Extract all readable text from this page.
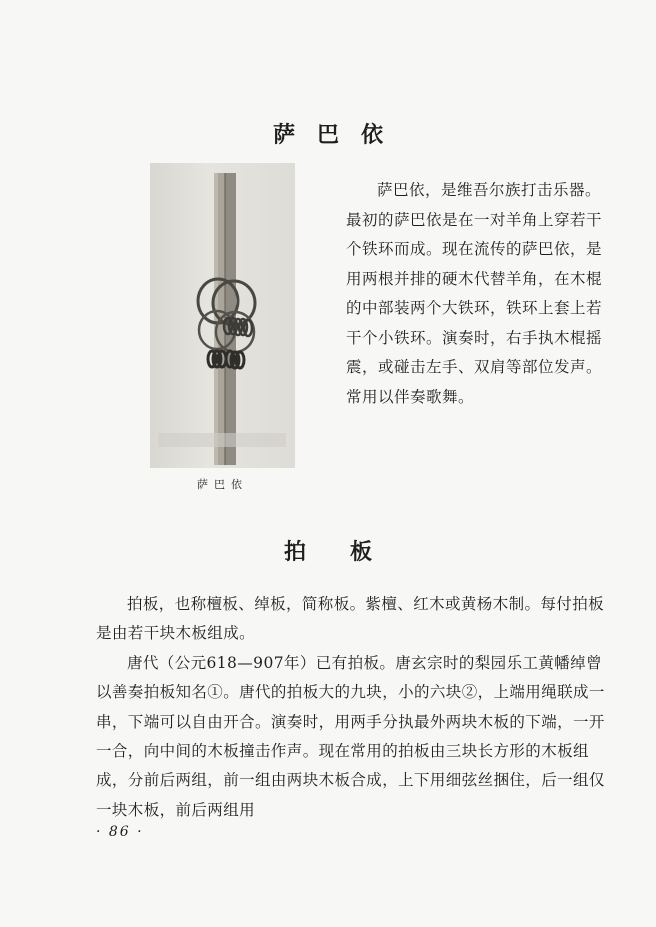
萨巴依
萨巴依

萨巴依，是维吾尔族打击乐器。最初的萨巴依是在一对羊角上穿若干个铁环而成。现在流传的萨巴依，是用两根并排的硬木代替羊角，在木棍的中部装两个大铁环，铁环上套上若干个小铁环。演奏时，右手执木棍摇震，或碰击左手、双肩等部位发声。常用以伴奏歌舞。

拍板

拍板，也称檀板、绰板，简称板。紫檀、红木或黄杨木制。每付拍板是由若干块木板组成。

唐代（公元618—907年）已有拍板。唐玄宗时的梨园乐工黄幡绰曾以善奏拍板知名①。唐代的拍板大的九块，小的六块②，上端用绳联成一串，下端可以自由开合。演奏时，用两手分执最外两块木板的下端，一开一合，向中间的木板撞击作声。现在常用的拍板由三块长方形的木板组成，分前后两组，前一组由两块木板合成，上下用细弦丝捆住，后一组仅一块木板，前后两组用

· 86 ·
